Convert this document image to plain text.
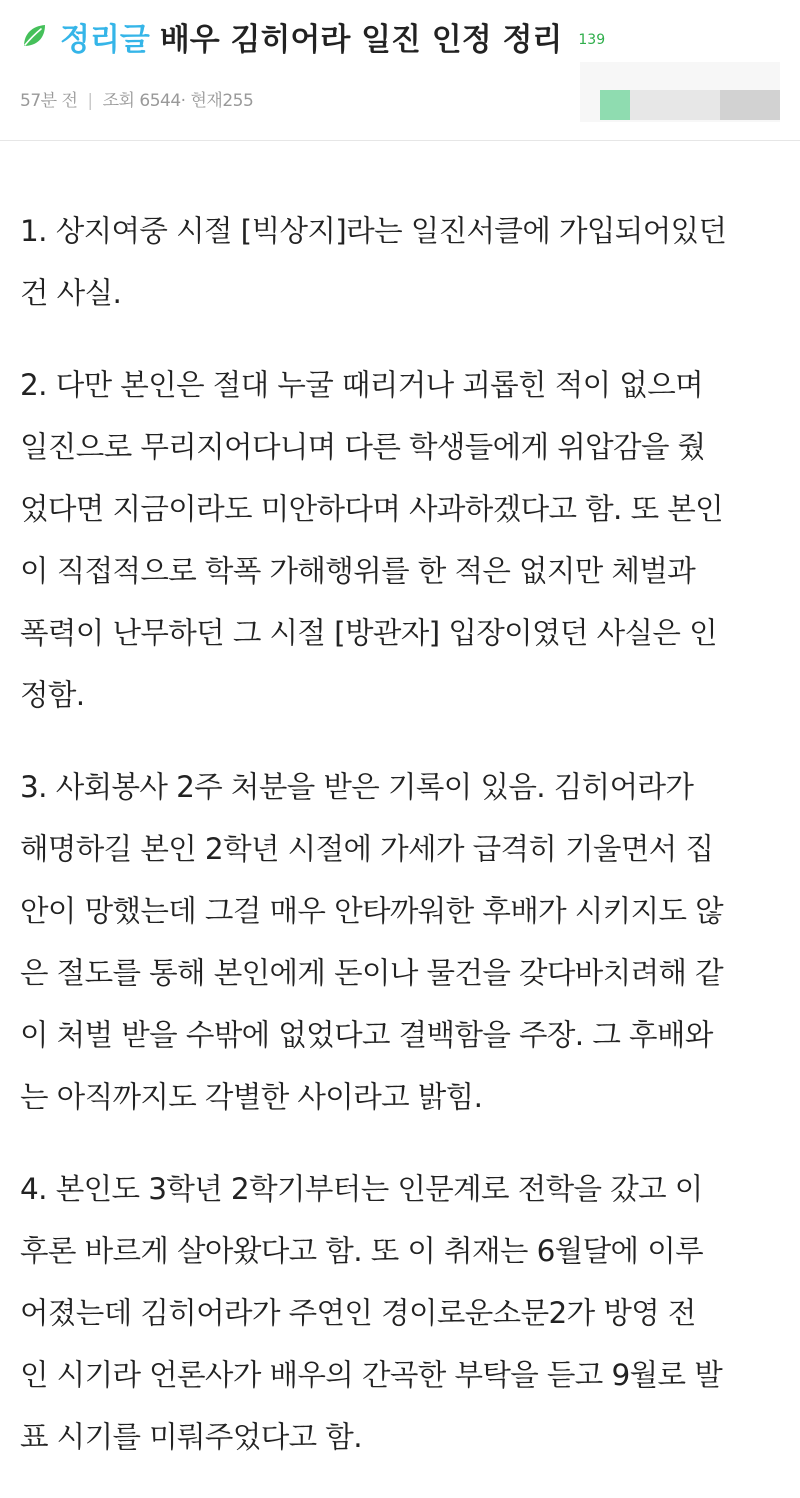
정리글 배우 김히어라 일진 인정 정리 139
57분 전 | 조회 6544· 현재255

1. 상지여중 시절 [빅상지]라는 일진서클에 가입되어있던
건 사실.

2. 다만 본인은 절대 누굴 때리거나 괴롭힌 적이 없으며
일진으로 무리지어다니며 다른 학생들에게 위압감을 줬
었다면 지금이라도 미안하다며 사과하겠다고 함. 또 본인
이 직접적으로 학폭 가해행위를 한 적은 없지만 체벌과
폭력이 난무하던 그 시절 [방관자] 입장이였던 사실은 인
정함.

3. 사회봉사 2주 처분을 받은 기록이 있음. 김히어라가
해명하길 본인 2학년 시절에 가세가 급격히 기울면서 집
안이 망했는데 그걸 매우 안타까워한 후배가 시키지도 않
은 절도를 통해 본인에게 돈이나 물건을 갖다바치려해 같
이 처벌 받을 수밖에 없었다고 결백함을 주장. 그 후배와
는 아직까지도 각별한 사이라고 밝힘.

4. 본인도 3학년 2학기부터는 인문계로 전학을 갔고 이
후론 바르게 살아왔다고 함. 또 이 취재는 6월달에 이루
어졌는데 김히어라가 주연인 경이로운소문2가 방영 전
인 시기라 언론사가 배우의 간곡한 부탁을 듣고 9월로 발
표 시기를 미뤄주었다고 함.
